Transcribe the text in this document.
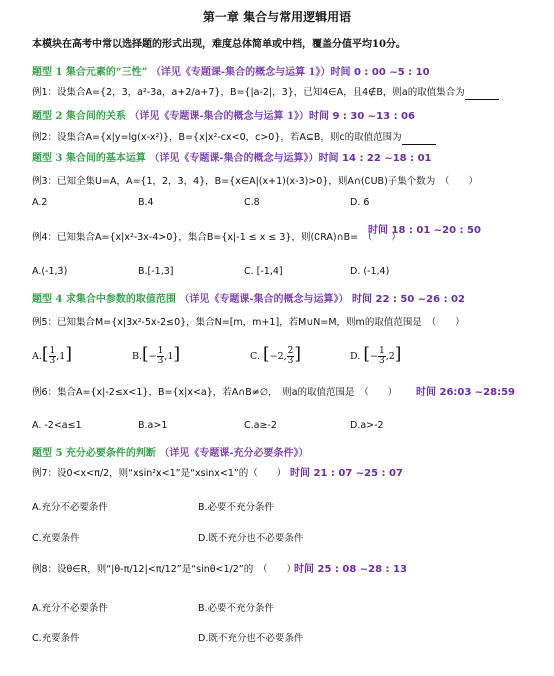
第一章 集合与常用逻辑用语
本模块在高考中常以选择题的形式出现，难度总体简单或中档，覆盖分值平均10分。
题型 1 集合元素的“三性” （详见《专题课-集合的概念与运算 1》）时间 0 : 00 ~5 : 10
例1：设集合A={2，3，a²-3a，a+2/a+7}，B={|a-2|，3}，已知4∈A，且4∉B，则a的取值集合为
题型 2 集合间的关系 （详见《专题课-集合的概念与运算 1》）时间 9 : 30 ~13 : 06
例2：设集合A={x|y=lg(x-x²)}，B={x|x²-cx<0，c>0}，若A⊆B，则c的取值范围为
题型 3 集合间的基本运算 （详见《专题课-集合的概念与运算》）时间 14 : 22 ~18 : 01
例3：已知全集U=A，A={1，2，3，4}，B={x∈A|(x+1)(x-3)>0}，则A∩(∁UB)子集个数为　（　　）
A.2	B.4	C.8	D. 6
例4：已知集合A={x|x²-3x-4>0}，集合B={x|-1 ≤ x ≤ 3}，则(∁RA)∩B=　（　　）
时间 18 : 01 ~20 : 50
A.(-1,3)	B.[-1,3]	C. [-1,4]	D. (-1,4)
题型 4 求集合中参数的取值范围 （详见《专题课-集合的概念与运算》） 时间 22 : 50 ~26 : 02
例5：已知集合M={x|3x²-5x-2≤0}，集合N=[m，m+1]，若M∪N=M，则m的取值范围是　（　　）
$A.[ \frac{1}{3} ,1]$	$B.[- \frac{1}{3} ,1]$	C. [−2, $\frac{2}{3}$ ]	D. [− $\frac{1}{3} ,2$]
例6：集合A={x|-2≤x<1}，B={x|x<a}，若A∩B≠∅，　则a的取值范围是　（　　） 时间 26:03 ~28:59
A. -2<a≤1	B.a>1	C.a≥-2	D.a>-2
题型 5 充分必要条件的判断 （详见《专题课-充分必要条件》）
例7：设0<x<π/2，则“xsin²x<1”是“xsinx<1”的（　　） 时间 21 : 07 ~25 : 07
A.充分不必要条件	B.必要不充分条件
C.充要条件	D.既不充分也不必要条件
例8：设θ∈R，则“|θ-π/12|<π/12”是“sinθ<1/2”的　（　　）
时间 25 : 08 ~28 : 13
A.充分不必要条件	B.必要不充分条件
C.充要条件	D.既不充分也不必要条件
